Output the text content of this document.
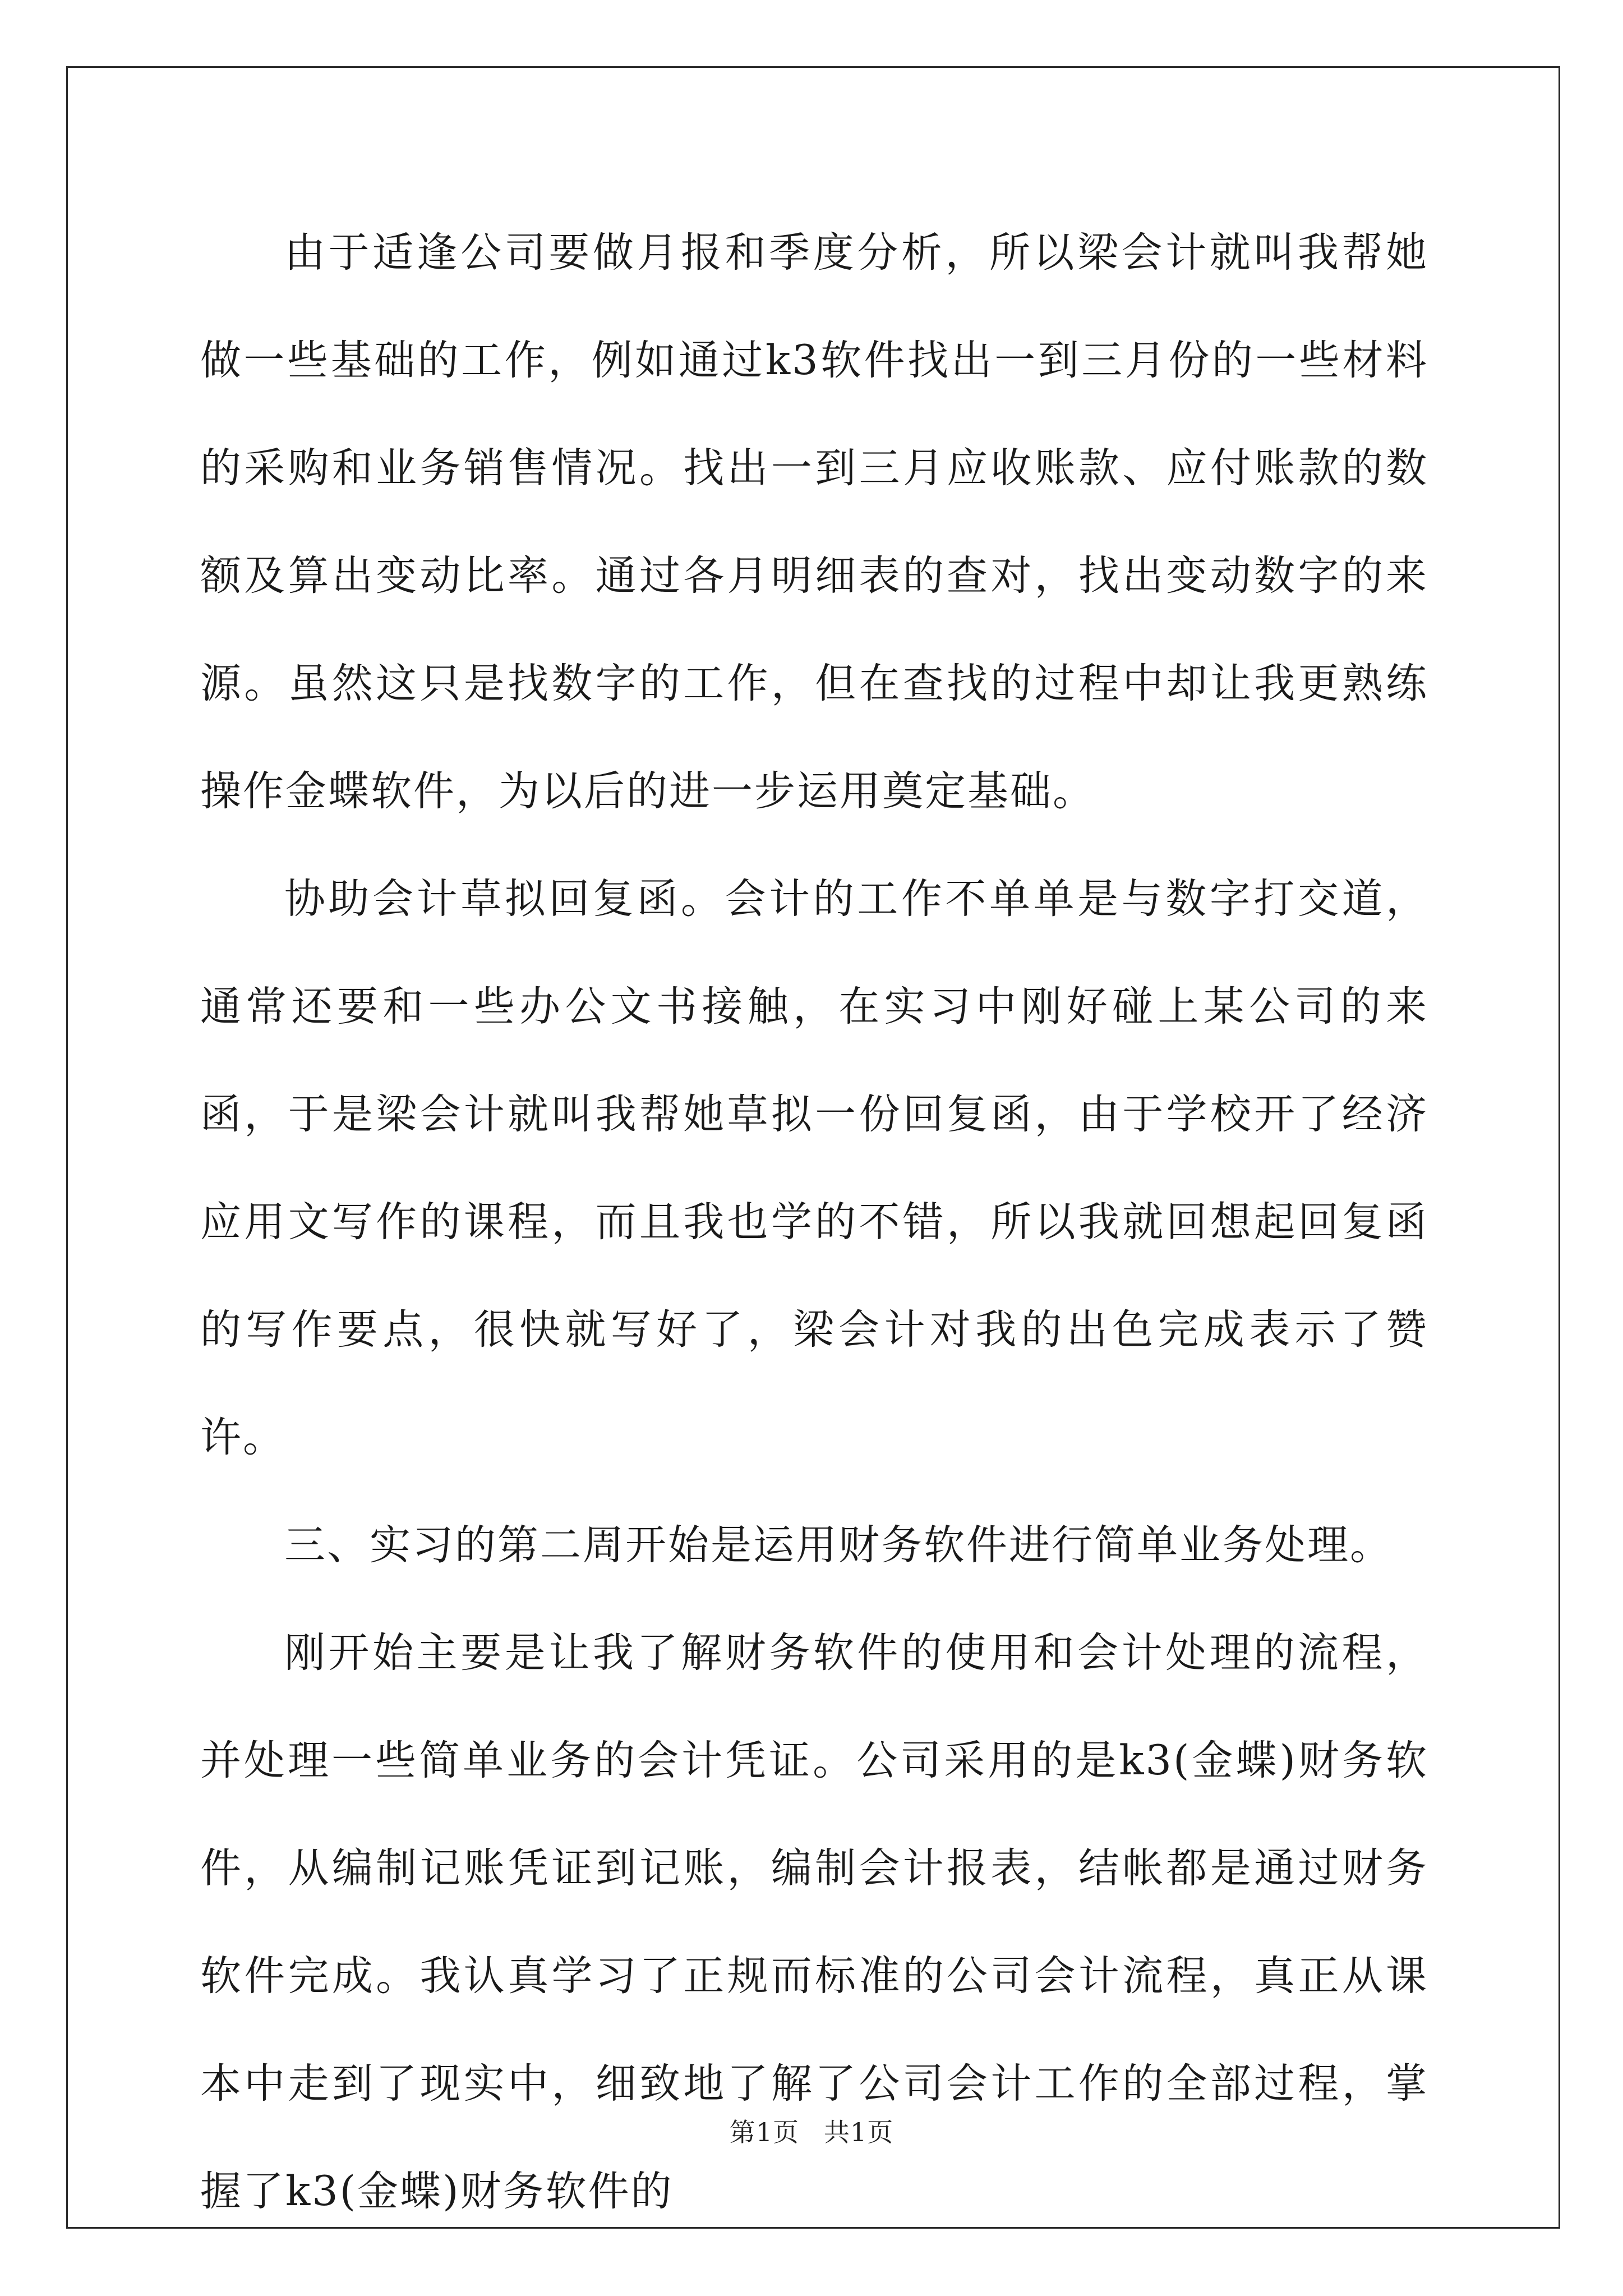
由于适逢公司要做月报和季度分析，所以梁会计就叫我帮她做一些基础的工作，例如通过k3软件找出一到三月份的一些材料的采购和业务销售情况。找出一到三月应收账款、应付账款的数额及算出变动比率。通过各月明细表的查对，找出变动数字的来源。虽然这只是找数字的工作，但在查找的过程中却让我更熟练操作金蝶软件，为以后的进一步运用奠定基础。

协助会计草拟回复函。会计的工作不单单是与数字打交道，通常还要和一些办公文书接触，在实习中刚好碰上某公司的来函，于是梁会计就叫我帮她草拟一份回复函，由于学校开了经济应用文写作的课程，而且我也学的不错，所以我就回想起回复函的写作要点，很快就写好了，梁会计对我的出色完成表示了赞许。

三、实习的第二周开始是运用财务软件进行简单业务处理。

刚开始主要是让我了解财务软件的使用和会计处理的流程，并处理一些简单业务的会计凭证。公司采用的是k3(金蝶)财务软件，从编制记账凭证到记账，编制会计报表，结帐都是通过财务软件完成。我认真学习了正规而标准的公司会计流程，真正从课本中走到了现实中，细致地了解了公司会计工作的全部过程，掌握了k3(金蝶)财务软件的

第1页 共1页
